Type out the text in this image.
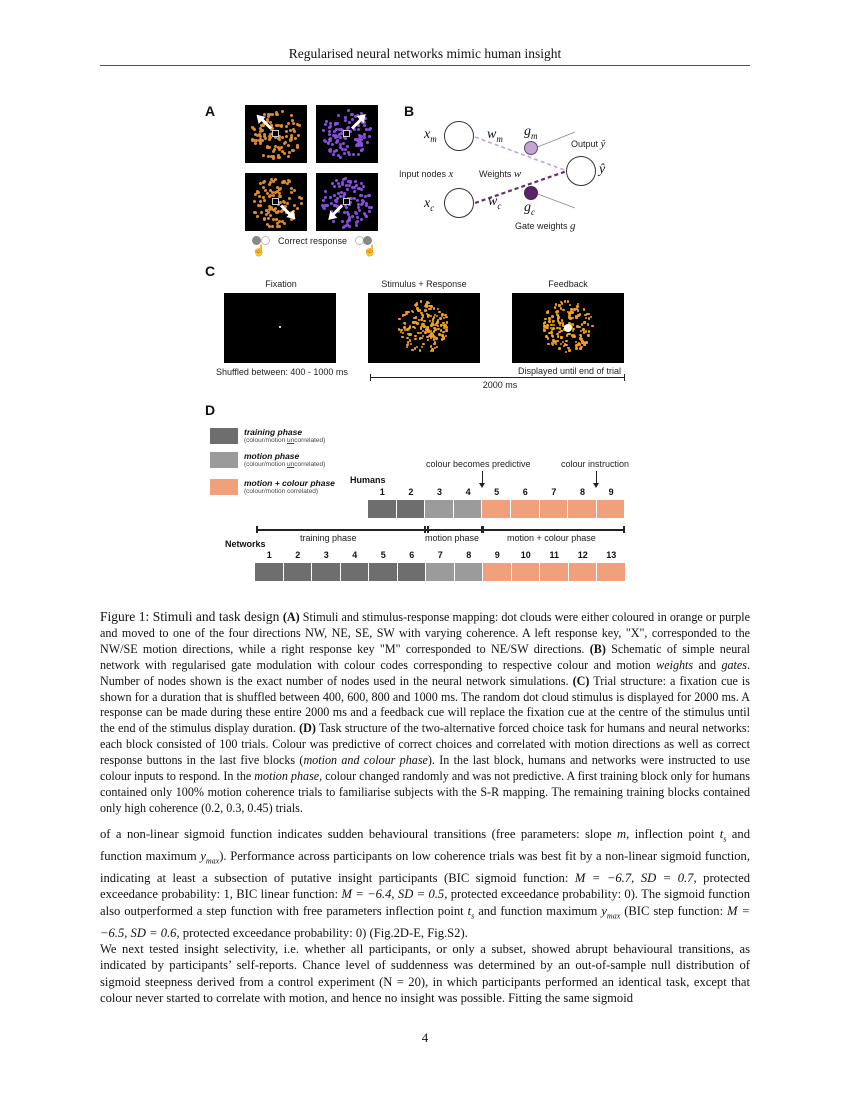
Regularised neural networks mimic human insight
A
☝
Correct response
☝
B
$x_m$
$x_c$
$w_m$
$w_c$
$g_m$
$g_c$
ŷ
Input nodes x	Weights w
Output ŷ
Gate weights g
C
Fixation	Stimulus + Response	Feedback
Shuffled between: 400 - 1000 ms	Displayed until end of trial
2000 ms
D
training phase
(colour/motion uncorrelated)
motion phase
(colour/motion uncorrelated)
motion + colour phase
(colour/motion correlated)
colour becomes predictive	colour instruction
Humans
1	2	3	4	5	6	7	8	9
training phase	motion phase	motion + colour phase
Networks
1	2	3	4	5	6	7	8	9	10	11	12	13
Figure 1: Stimuli and task design (A) Stimuli and stimulus-response mapping: dot clouds were either coloured in orange or purple and moved to one of the four directions NW, NE, SE, SW with varying coherence. A left response key, "X", corresponded to the NW/SE motion directions, while a right response key "M" corresponded to NE/SW directions. (B) Schematic of simple neural network with regularised gate modulation with colour codes corresponding to respective colour and motion weights and gates. Number of nodes shown is the exact number of nodes used in the neural network simulations. (C) Trial structure: a fixation cue is shown for a duration that is shuffled between 400, 600, 800 and 1000 ms. The random dot cloud stimulus is displayed for 2000 ms. A response can be made during these entire 2000 ms and a feedback cue will replace the fixation cue at the centre of the stimulus until the end of the stimulus display duration. (D) Task structure of the two-alternative forced choice task for humans and neural networks: each block consisted of 100 trials. Colour was predictive of correct choices and correlated with motion directions as well as correct response buttons in the last five blocks (motion and colour phase). In the last block, humans and networks were instructed to use colour inputs to respond. In the motion phase, colour changed randomly and was not predictive. A first training block only for humans contained only 100% motion coherence trials to familiarise subjects with the S-R mapping. The remaining training blocks contained only high coherence (0.2, 0.3, 0.45) trials.
of a non-linear sigmoid function indicates sudden behavioural transitions (free parameters: slope m, inflection point $t_s$ and function maximum $y_{max}$). Performance across participants on low coherence trials was best fit by a non-linear sigmoid function, indicating at least a subsection of putative insight participants (BIC sigmoid function: M = −6.7, SD = 0.7, protected exceedance probability: 1, BIC linear function: M = −6.4, SD = 0.5, protected exceedance probability: 0). The sigmoid function also outperformed a step function with free parameters inflection point $t_s$ and function maximum $y_{max}$ (BIC step function: M = −6.5, SD = 0.6, protected exceedance probability: 0) (Fig.2D-E, Fig.S2).
We next tested insight selectivity, i.e. whether all participants, or only a subset, showed abrupt behavioural transitions, as indicated by participants’ self-reports. Chance level of suddenness was determined by an out-of-sample null distribution of sigmoid steepness derived from a control experiment (N = 20), in which participants performed an identical task, except that colour never started to correlate with motion, and hence no insight was possible. Fitting the same sigmoid
4
